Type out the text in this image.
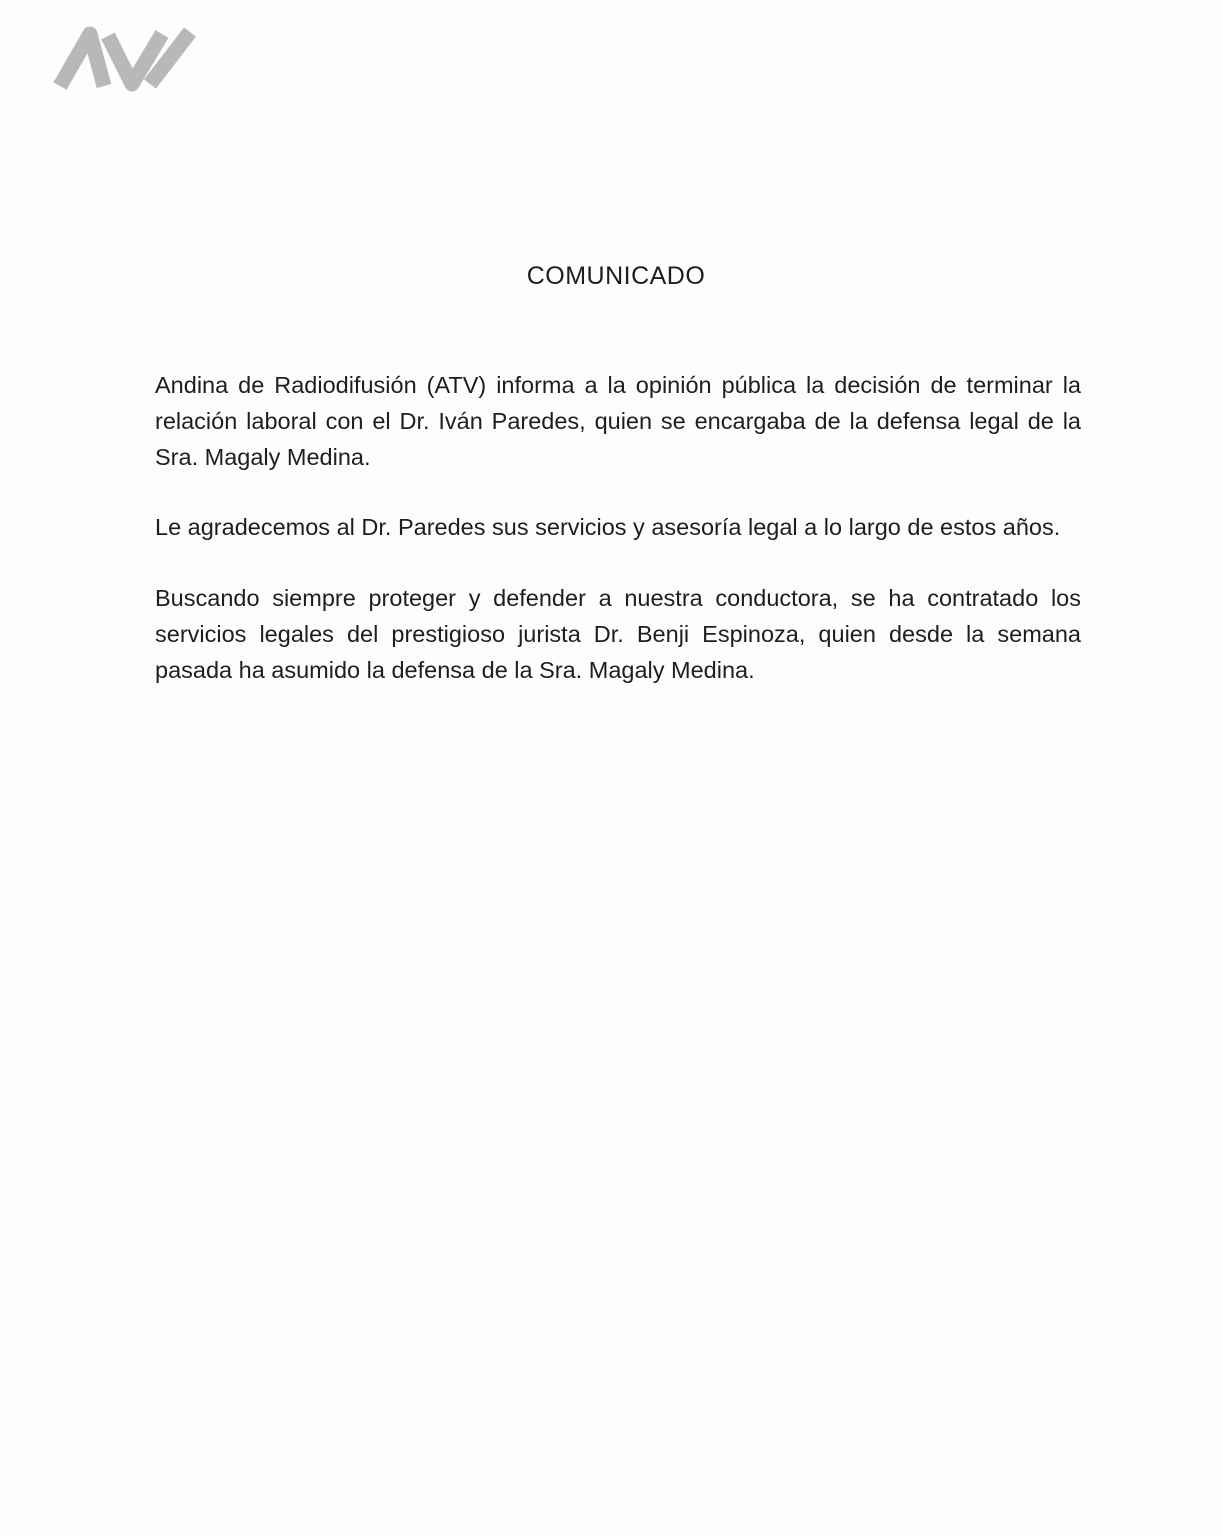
COMUNICADO

Andina de Radiodifusión (ATV) informa a la opinión pública la decisión de terminar la relación laboral con el Dr. Iván Paredes, quien se encargaba de la defensa legal de la Sra. Magaly Medina.

Le agradecemos al Dr. Paredes sus servicios y asesoría legal a lo largo de estos años.

Buscando siempre proteger y defender a nuestra conductora, se ha contratado los servicios legales del prestigioso jurista Dr. Benji Espinoza, quien desde la semana pasada ha asumido la defensa de la Sra. Magaly Medina.
